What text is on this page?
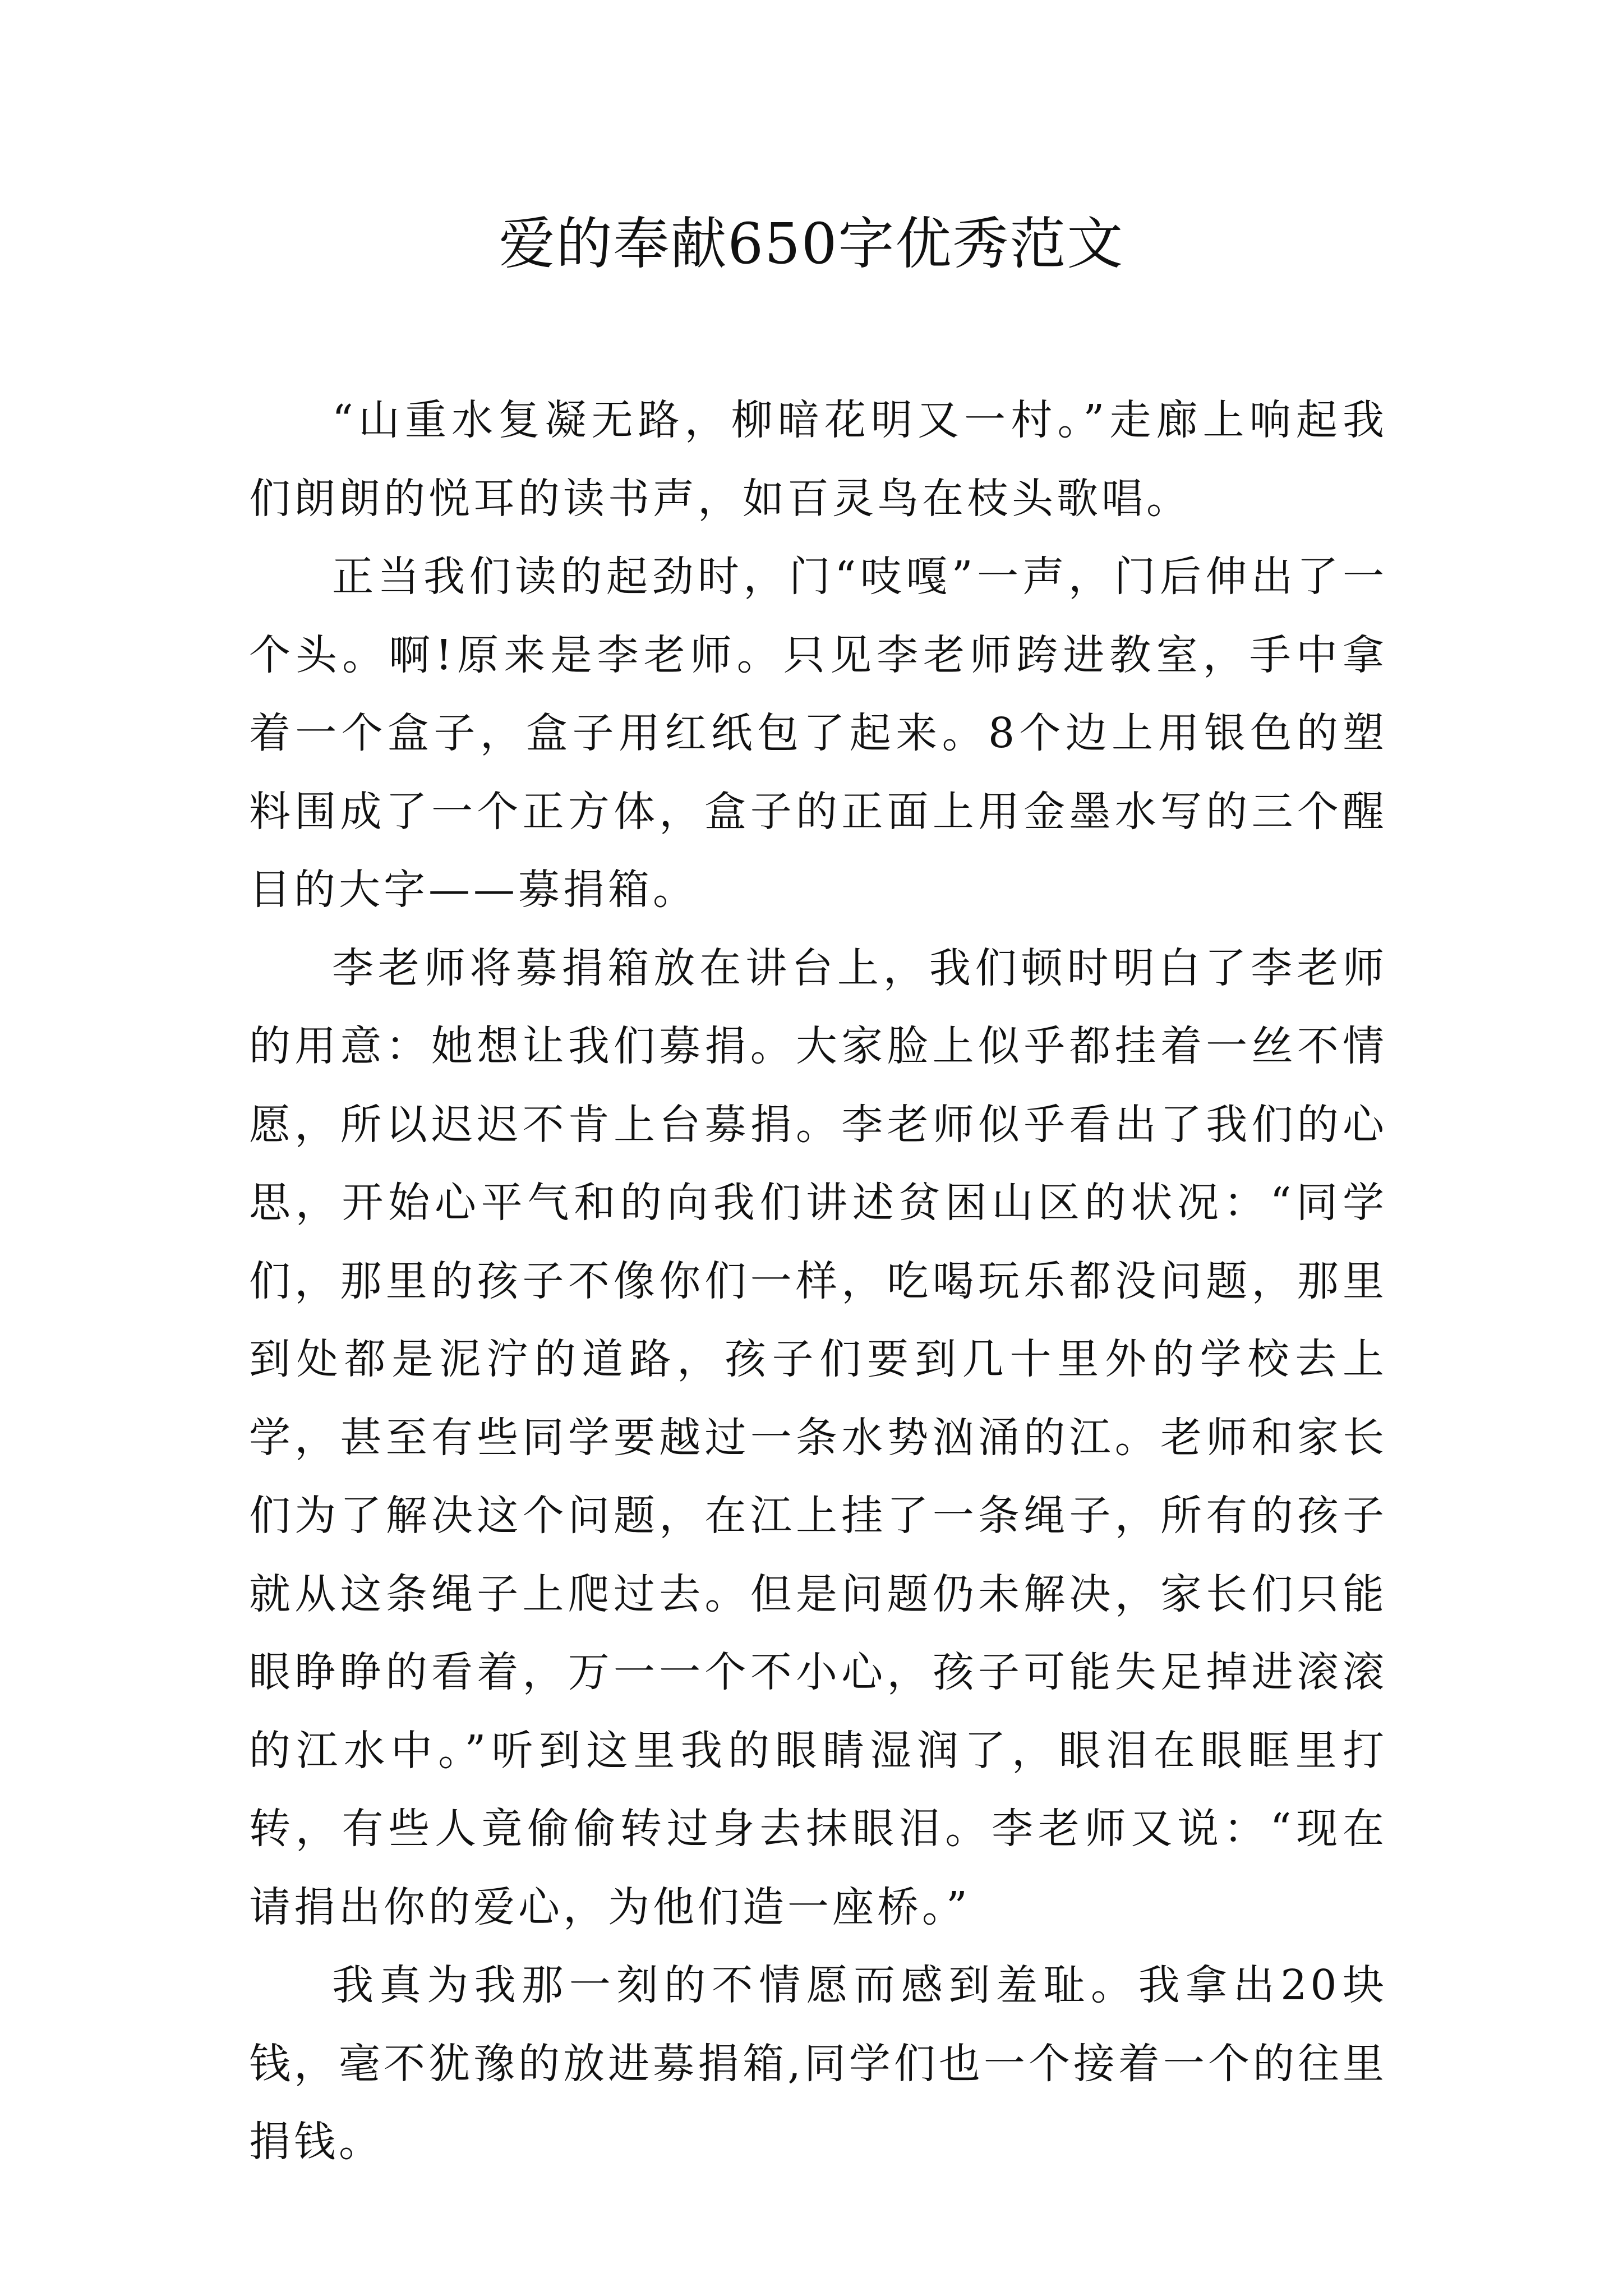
爱的奉献650字优秀范文

“山重水复凝无路，柳暗花明又一村。”走廊上响起我们朗朗的悦耳的读书声，如百灵鸟在枝头歌唱。

正当我们读的起劲时，门“吱嘎”一声，门后伸出了一个头。啊!原来是李老师。只见李老师跨进教室，手中拿着一个盒子，盒子用红纸包了起来。8个边上用银色的塑料围成了一个正方体，盒子的正面上用金墨水写的三个醒目的大字——募捐箱。

李老师将募捐箱放在讲台上，我们顿时明白了李老师的用意：她想让我们募捐。大家脸上似乎都挂着一丝不情愿，所以迟迟不肯上台募捐。李老师似乎看出了我们的心思，开始心平气和的向我们讲述贫困山区的状况：“同学们，那里的孩子不像你们一样，吃喝玩乐都没问题，那里到处都是泥泞的道路，孩子们要到几十里外的学校去上学，甚至有些同学要越过一条水势汹涌的江。老师和家长们为了解决这个问题，在江上挂了一条绳子，所有的孩子就从这条绳子上爬过去。但是问题仍未解决，家长们只能眼睁睁的看着，万一一个不小心，孩子可能失足掉进滚滚的江水中。”听到这里我的眼睛湿润了，眼泪在眼眶里打转，有些人竟偷偷转过身去抹眼泪。李老师又说：“现在请捐出你的爱心，为他们造一座桥。”

我真为我那一刻的不情愿而感到羞耻。我拿出20块钱，毫不犹豫的放进募捐箱,同学们也一个接着一个的往里捐钱。
